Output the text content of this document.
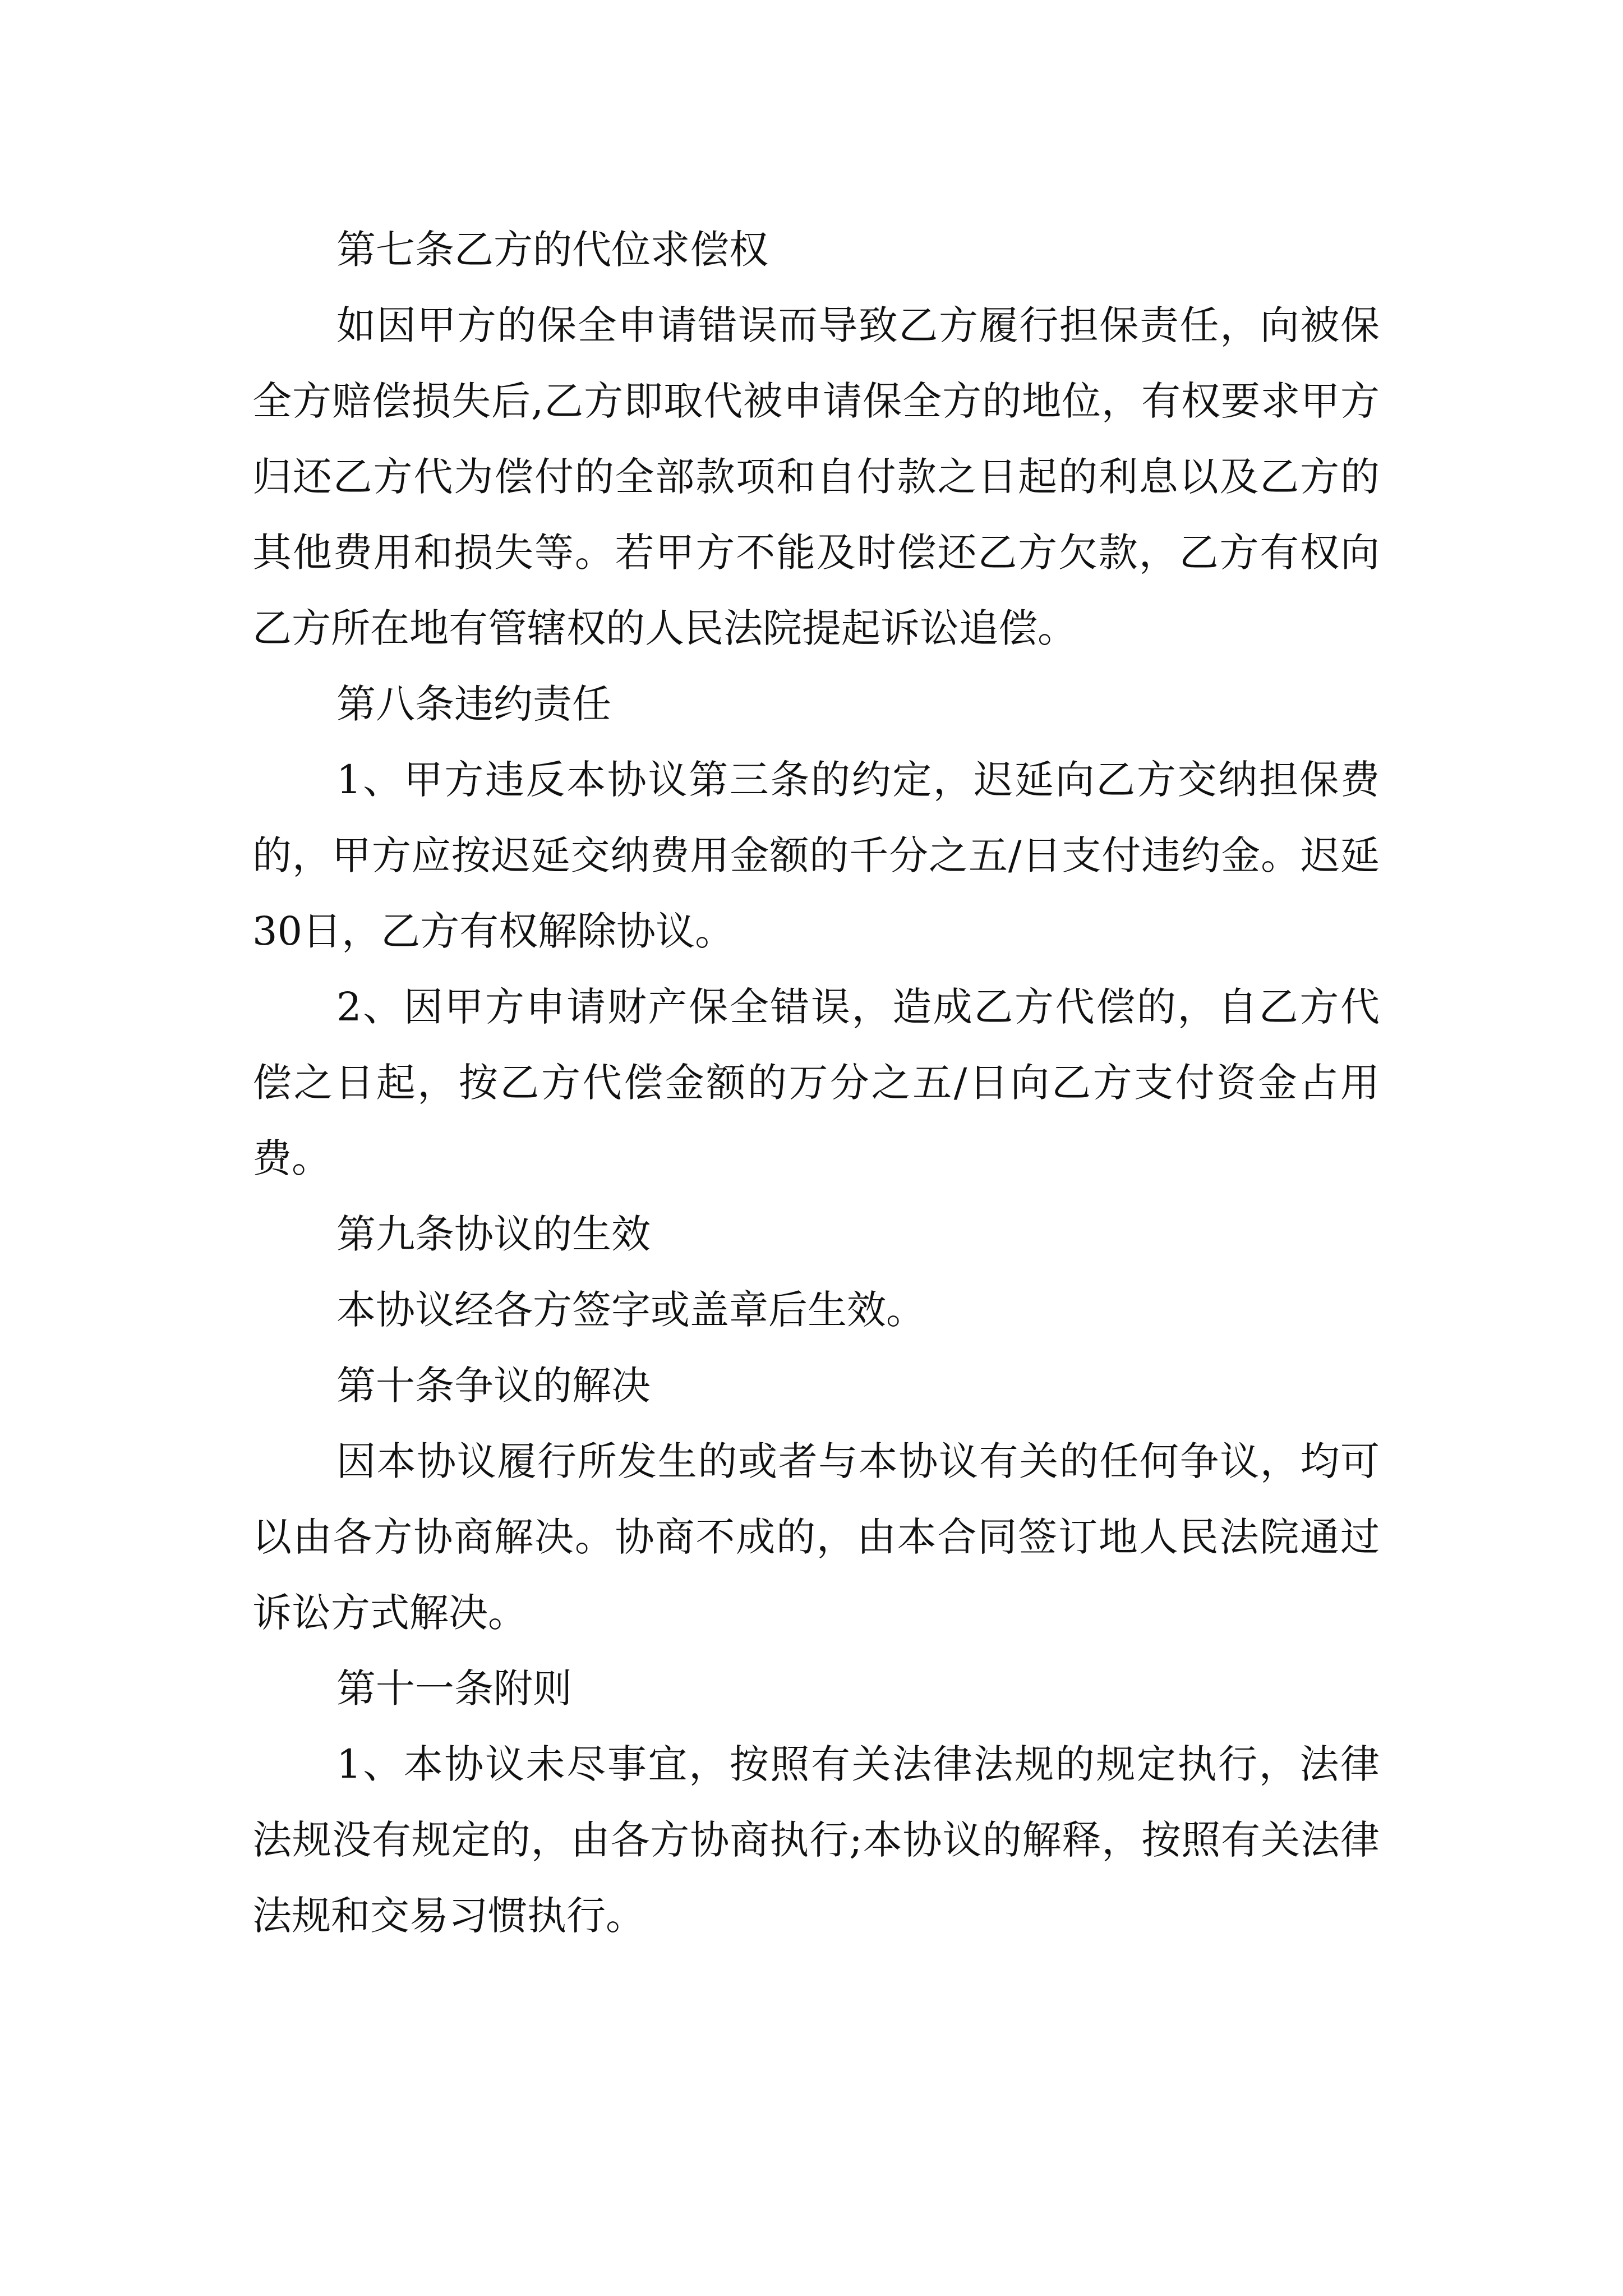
第七条乙方的代位求偿权

如因甲方的保全申请错误而导致乙方履行担保责任，向被保全方赔偿损失后,乙方即取代被申请保全方的地位，有权要求甲方归还乙方代为偿付的全部款项和自付款之日起的利息以及乙方的其他费用和损失等。若甲方不能及时偿还乙方欠款，乙方有权向乙方所在地有管辖权的人民法院提起诉讼追偿。

第八条违约责任

1、甲方违反本协议第三条的约定，迟延向乙方交纳担保费的，甲方应按迟延交纳费用金额的千分之五/日支付违约金。迟延30日，乙方有权解除协议。

2、因甲方申请财产保全错误，造成乙方代偿的，自乙方代偿之日起，按乙方代偿金额的万分之五/日向乙方支付资金占用费。

第九条协议的生效

本协议经各方签字或盖章后生效。

第十条争议的解决

因本协议履行所发生的或者与本协议有关的任何争议，均可以由各方协商解决。协商不成的，由本合同签订地人民法院通过诉讼方式解决。

第十一条附则

1、本协议未尽事宜，按照有关法律法规的规定执行，法律法规没有规定的，由各方协商执行;本协议的解释，按照有关法律法规和交易习惯执行。
